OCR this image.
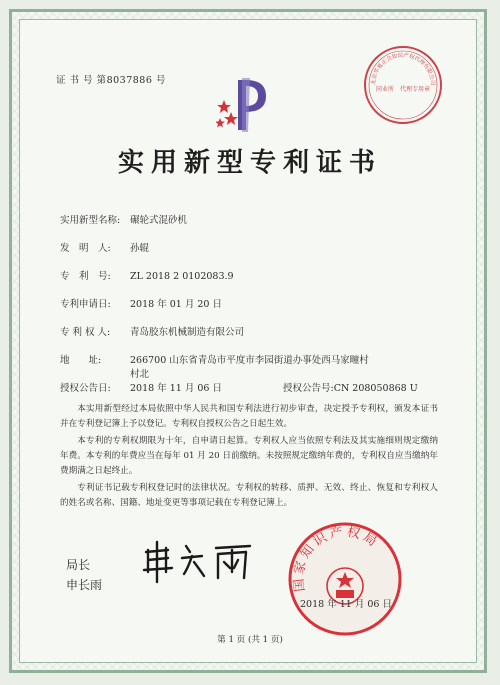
证 书 号 第8037886 号	北京华夏正合知识产权代理有限公司
同业所　代理专用章
实用新型专利证书
实用新型名称: 碾轮式混砂机
发　明　人: 孙辊
专　利　号: ZL 2018 2 0102083.9
专利申请日: 2018 年 01 月 20 日
专 利 权 人: 青岛胶东机械制造有限公司
地　　址:	266700 山东省青岛市平度市李园街道办事处西马家疃村
村北
授权公告日: 2018 年 11 月 06 日	授权公告号:CN 208050868 U

本实用新型经过本局依照中华人民共和国专利法进行初步审查，决定授予专利权，颁发本证书并在专利登记簿上予以登记。专利权自授权公告之日起生效。

本专利的专利权期限为十年，自申请日起算。专利权人应当依照专利法及其实施细则规定缴纳年费。本专利的年费应当在每年 01 月 20 日前缴纳。未按照规定缴纳年费的，专利权自应当缴纳年费期满之日起终止。

专利证书记载专利权登记时的法律状况。专利权的转移、质押、无效、终止、恢复和专利权人的姓名或名称、国籍、地址变更等事项记载在专利登记簿上。

局长
申长雨	国家知识产权局
2018 年 11 月 06 日
第 1 页 (共 1 页)
